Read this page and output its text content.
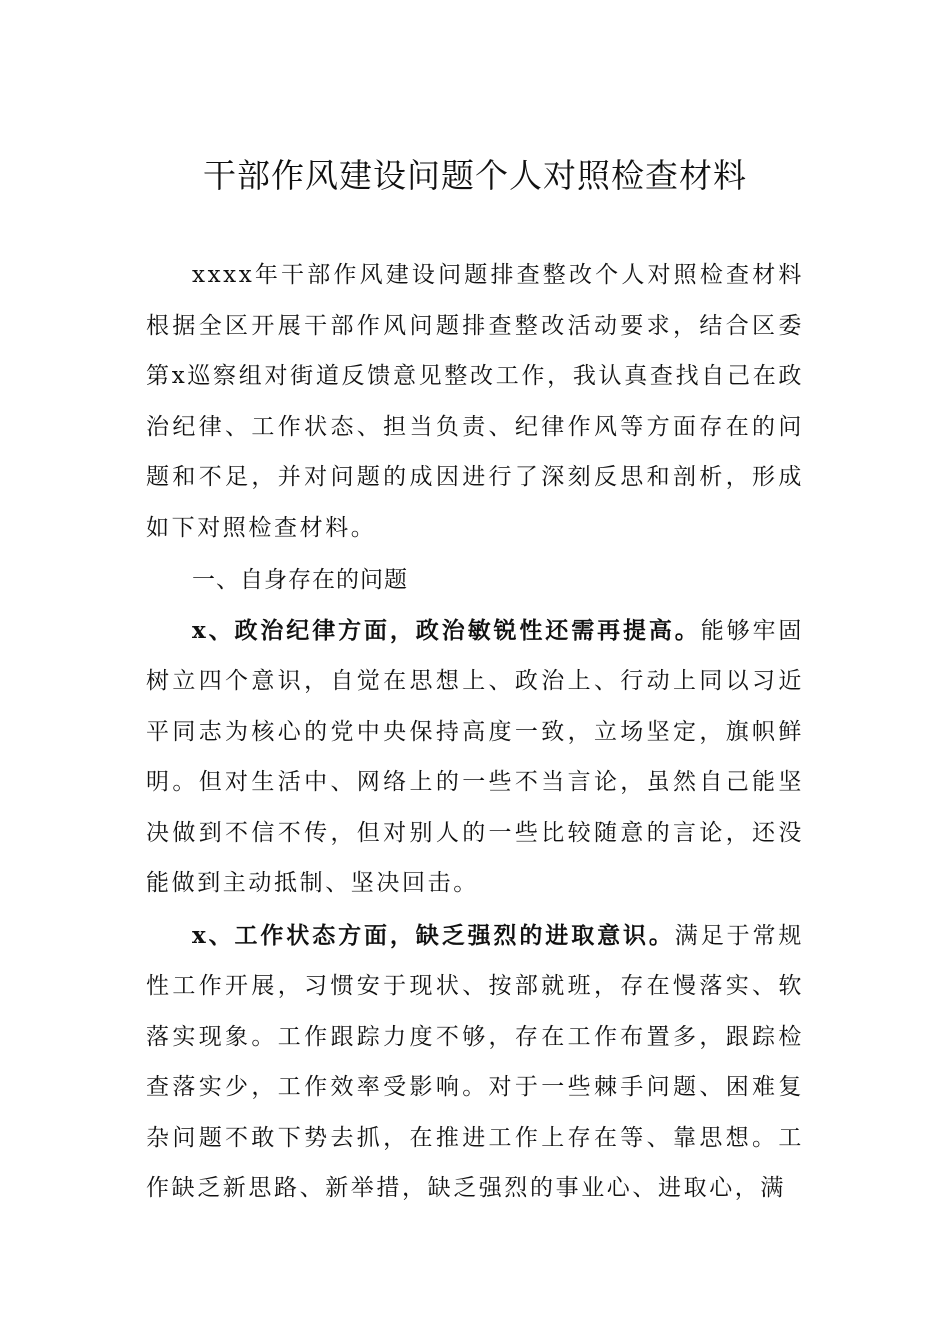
干部作风建设问题个人对照检查材料

xxxx年干部作风建设问题排查整改个人对照检查材料根据全区开展干部作风问题排查整改活动要求，结合区委第x巡察组对街道反馈意见整改工作，我认真查找自己在政治纪律、工作状态、担当负责、纪律作风等方面存在的问题和不足，并对问题的成因进行了深刻反思和剖析，形成如下对照检查材料。

一、自身存在的问题

x、政治纪律方面，政治敏锐性还需再提高。能够牢固树立四个意识，自觉在思想上、政治上、行动上同以习近平同志为核心的党中央保持高度一致，立场坚定，旗帜鲜明。但对生活中、网络上的一些不当言论，虽然自己能坚决做到不信不传，但对别人的一些比较随意的言论，还没能做到主动抵制、坚决回击。

x、工作状态方面，缺乏强烈的进取意识。满足于常规性工作开展，习惯安于现状、按部就班，存在慢落实、软落实现象。工作跟踪力度不够，存在工作布置多，跟踪检查落实少，工作效率受影响。对于一些棘手问题、困难复杂问题不敢下势去抓，在推进工作上存在等、靠思想。工作缺乏新思路、新举措，缺乏强烈的事业心、进取心，满
